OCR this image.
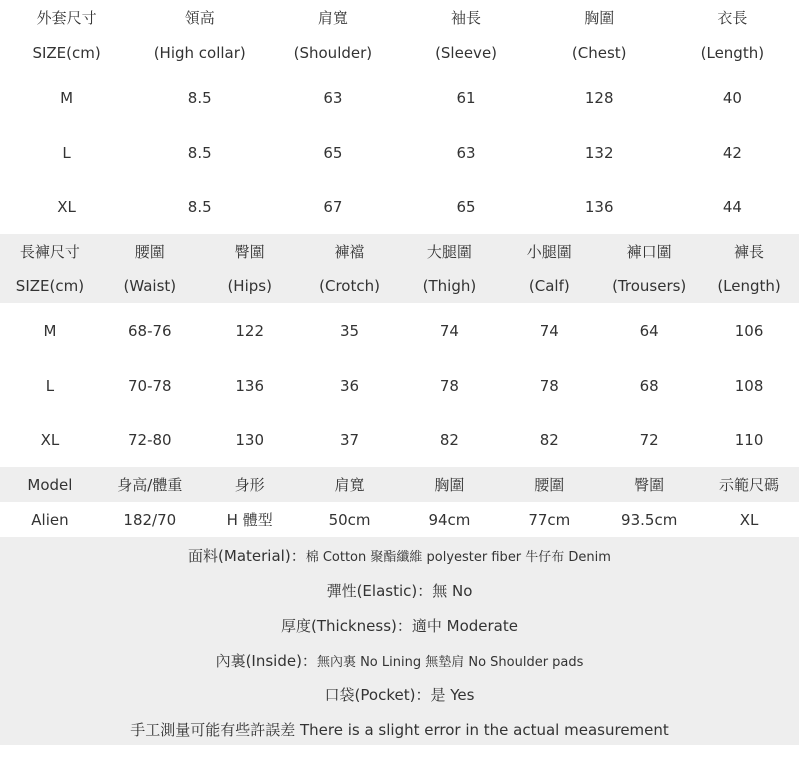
外套尺寸	領高	肩寬	袖長	胸圍	衣長
SIZE(cm)	(High collar)	(Shoulder)	(Sleeve)	(Chest)	(Length)
M	8.5	63	61	128	40
L	8.5	65	63	132	42
XL	8.5	67	65	136	44
長褲尺寸	腰圍	臀圍	褲襠	大腿圍	小腿圍	褲口圍	褲長
SIZE(cm)	(Waist)	(Hips)	(Crotch)	(Thigh)	(Calf)	(Trousers)	(Length)
M	68-76	122	35	74	74	64	106
L	70-78	136	36	78	78	68	108
XL	72-80	130	37	82	82	72	110
Model	身高/體重	身形	肩寬	胸圍	腰圍	臀圍	示範尺碼
Alien	182/70	H 體型	50cm	94cm	77cm	93.5cm	XL
面料(Material)：棉 Cotton 聚酯纖維 polyester fiber 牛仔布 Denim
彈性(Elastic)：無 No
厚度(Thickness)：適中 Moderate
內裏(Inside)：無內裏 No Lining 無墊肩 No Shoulder pads
口袋(Pocket)：是 Yes
手工測量可能有些許誤差 There is a slight error in the actual measurement
